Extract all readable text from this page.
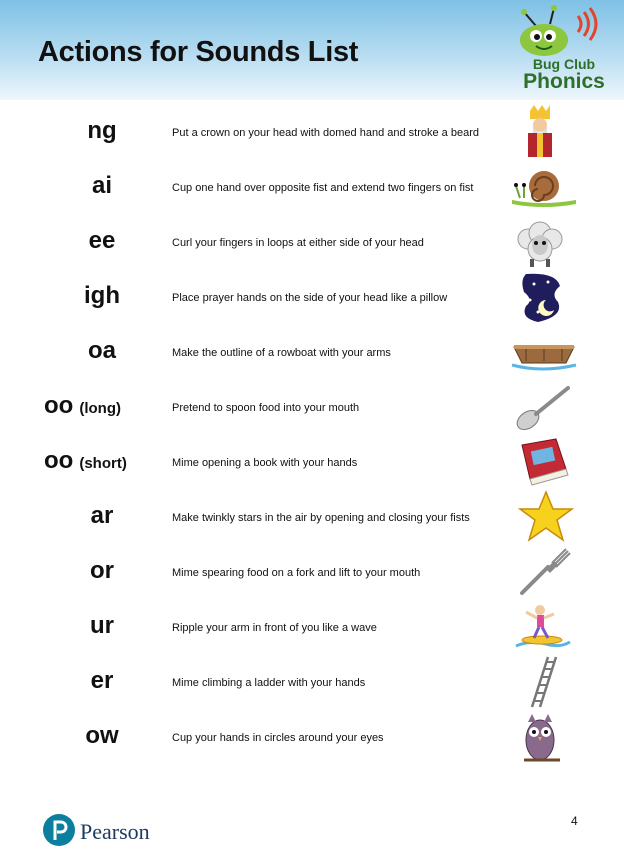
Actions for Sounds List	Bug Club
Phonics
ng	Put a crown on your head with domed hand and stroke a beard
ai	Cup one hand over opposite fist and extend two fingers on fist
ee	Curl your fingers in loops at either side of your head
igh	Place prayer hands on the side of your head like a pillow
oa	Make the outline of a rowboat with your arms
oo (long)	Pretend to spoon food into your mouth
oo (short)	Mime opening a book with your hands
ar	Make twinkly stars in the air by opening and closing your fists
or	Mime spearing food on a fork and lift to your mouth
ur	Ripple your arm in front of you like a wave
er	Mime climbing a ladder with your hands
ow	Cup your hands in circles around your eyes
Pearson	4
